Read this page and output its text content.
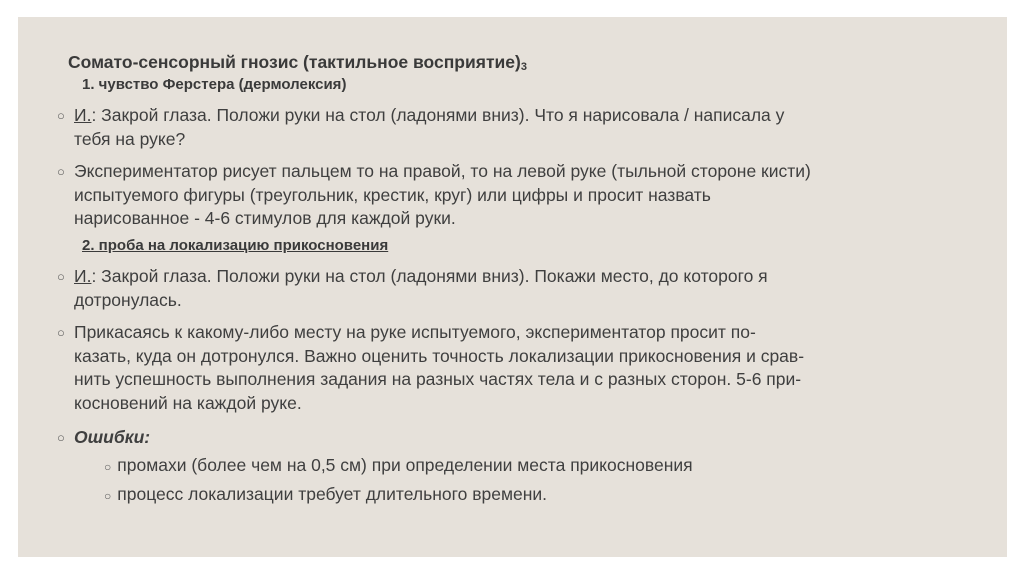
Сомато-сенсорный гнозис (тактильное $восприятие)_3$
1. чувство Ферстера (дермолексия)
○ И.: Закрой глаза. Положи руки на стол (ладонями вниз). Что я нарисовала / написала у
тебя на руке?
○ Экспериментатор рисует пальцем то на правой, то на левой руке (тыльной стороне кисти)
испытуемого фигуры (треугольник, крестик, круг) или цифры и просит назвать
нарисованное - 4-6 стимулов для каждой руки.
2. проба на локализацию прикосновения
○ И.: Закрой глаза. Положи руки на стол (ладонями вниз). Покажи место, до которого я
дотронулась.
○ Прикасаясь к какому-либо месту на руке испытуемого, экспериментатор просит по-
казать, куда он дотронулся. Важно оценить точность локализации прикосновения и срав-
нить успешность выполнения задания на разных частях тела и с разных сторон. 5-6 при-
косновений на каждой руке.
○ Ошибки:
○ промахи (более чем на 0,5 см) при определении места прикосновения
○ процесс локализации требует длительного времени.
